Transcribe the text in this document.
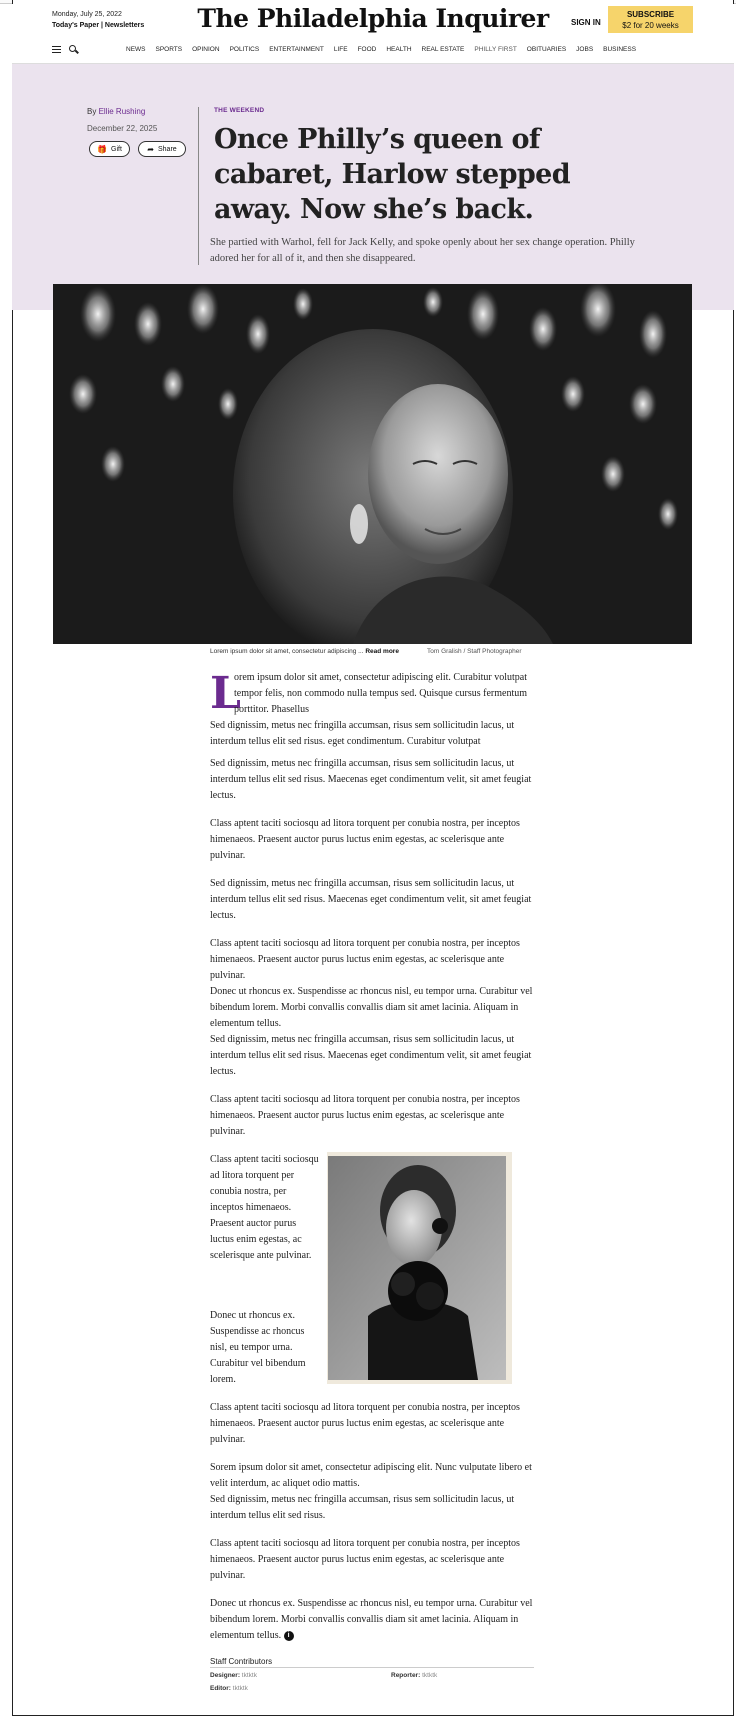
Monday, July 25, 2022
Today's Paper | Newsletters	The Philadelphia Inquirer	SIGN IN
SUBSCRIBE
$2 for 20 weeks
NEWS SPORTS OPINION POLITICS ENTERTAINMENT LIFE FOOD HEALTH REAL ESTATE PHILLY FIRST OBITUARIES JOBS BUSINESS
By Ellie Rushing
December 22, 2025
🎁 Gift	➦ Share
THE WEEKEND
Once Philly’s queen of cabaret, Harlow stepped away. Now she’s back.

She partied with Warhol, fell for Jack Kelly, and spoke openly about her sex change operation. Philly adored her for all of it, and then she disappeared.

Lorem ipsum dolor sit amet, consectetur adipiscing ... Read more	Tom Gralish / Staff Photographer
L

orem ipsum dolor sit amet, consectetur adipiscing elit. Curabitur volutpat tempor felis, non commodo nulla tempus sed. Quisque cursus fermentum porttitor. Phasellus

Sed dignissim, metus nec fringilla accumsan, risus sem sollicitudin lacus, ut interdum tellus elit sed risus. eget condimentum. Curabitur volutpat

Sed dignissim, metus nec fringilla accumsan, risus sem sollicitudin lacus, ut interdum tellus elit sed risus. Maecenas eget condimentum velit, sit amet feugiat lectus.

Class aptent taciti sociosqu ad litora torquent per conubia nostra, per inceptos himenaeos. Praesent auctor purus luctus enim egestas, ac scelerisque ante pulvinar.

Sed dignissim, metus nec fringilla accumsan, risus sem sollicitudin lacus, ut interdum tellus elit sed risus. Maecenas eget condimentum velit, sit amet feugiat lectus.

Class aptent taciti sociosqu ad litora torquent per conubia nostra, per inceptos himenaeos. Praesent auctor purus luctus enim egestas, ac scelerisque ante pulvinar.

Donec ut rhoncus ex. Suspendisse ac rhoncus nisl, eu tempor urna. Curabitur vel bibendum lorem. Morbi convallis convallis diam sit amet lacinia. Aliquam in elementum tellus.

Sed dignissim, metus nec fringilla accumsan, risus sem sollicitudin lacus, ut interdum tellus elit sed risus. Maecenas eget condimentum velit, sit amet feugiat lectus.

Class aptent taciti sociosqu ad litora torquent per conubia nostra, per inceptos himenaeos. Praesent auctor purus luctus enim egestas, ac scelerisque ante pulvinar.

Class aptent taciti sociosqu ad litora torquent per conubia nostra, per inceptos himenaeos. Praesent auctor purus luctus enim egestas, ac scelerisque ante pulvinar.

Donec ut rhoncus ex. Suspendisse ac rhoncus nisl, eu tempor urna. Curabitur vel bibendum lorem.

Class aptent taciti sociosqu ad litora torquent per conubia nostra, per inceptos himenaeos. Praesent auctor purus luctus enim egestas, ac scelerisque ante pulvinar.

Sorem ipsum dolor sit amet, consectetur adipiscing elit. Nunc vulputate libero et velit interdum, ac aliquet odio mattis.

Sed dignissim, metus nec fringilla accumsan, risus sem sollicitudin lacus, ut interdum tellus elit sed risus.

Class aptent taciti sociosqu ad litora torquent per conubia nostra, per inceptos himenaeos. Praesent auctor purus luctus enim egestas, ac scelerisque ante pulvinar.

Donec ut rhoncus ex. Suspendisse ac rhoncus nisl, eu tempor urna. Curabitur vel bibendum lorem. Morbi convallis convallis diam sit amet lacinia. Aliquam in elementum tellus. i

Staff Contributors
Designer: tktktk	Reporter: tktktk
Editor: tktktk
